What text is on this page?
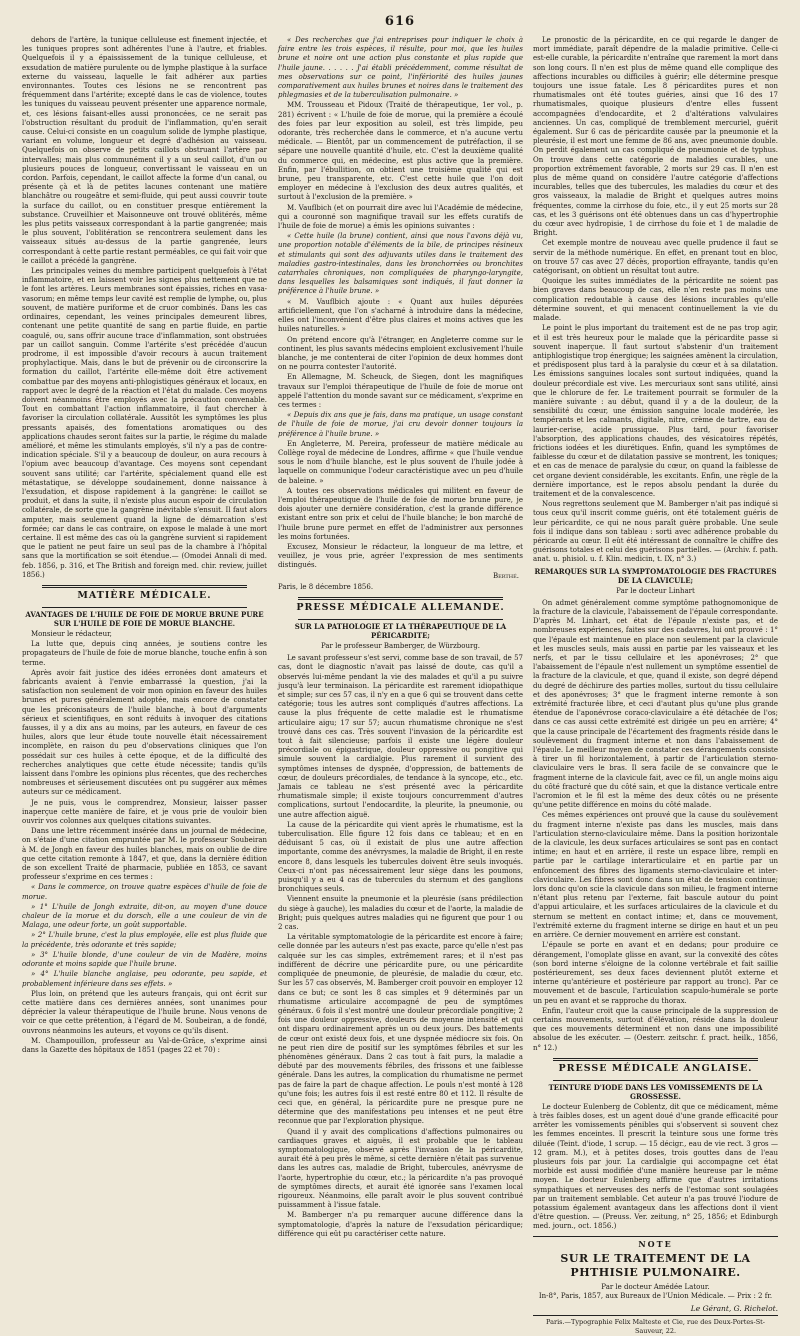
616

dehors de l'artère, la tunique celluleuse est finement injectée, et les tuniques propres sont adhérentes l'une à l'autre, et friables. Quelquefois il y a épaississement de la tunique celluleuse, et exsudation de matière purulente ou de lymphe plastique à la surface externe du vaisseau, laquelle le fait adhérer aux parties environnantes. Toutes ces lésions ne se rencontrent pas fréquemment dans l'artérite; excepté dans le cas de violence, toutes les tuniques du vaisseau peuvent présenter une apparence normale, et, ces lésions faisant-elles aussi prononcées, ce ne serait pas l'obstruction résultant du produit de l'inflammation, qu'en serait cause. Celui-ci consiste en un coagulum solide de lymphe plastique, variant en volume, longueur et degré d'adhésion au vaisseau. Quelquefois on observe de petits caillots obstruant l'artère par intervalles; mais plus communément il y a un seul caillot, d'un ou plusieurs pouces de longueur, convertissant le vaisseau en un cordon. Parfois, cependant, le caillot affecte la forme d'un canal, ou présente çà et là de petites lacunes contenant une matière blanchâtre ou rougeâtre et semi-fluide, qui peut aussi couvrir toute la surface du caillot, ou en constituer presque entièrement la substance. Cruveilhier et Maisonneuve ont trouvé oblitérés, même les plus petits vaisseaux correspondant à la partie gangrenée; mais le plus souvent, l'oblitération se rencontrera seulement dans les vaisseaux situés au-dessus de la partie gangrenée, leurs correspondant à cette partie restant perméables, ce qui fait voir que le caillot a précédé la gangrène.

Les principales veines du membre participent quelquefois à l'état inflammatoire, et en laissent voir les signes plus nettement que ne le font les artères. Leurs membranes sont épaissies, riches en vasa-vasorum; en même temps leur cavité est remplie de lymphe, ou, plus souvent, de matière puriforme et de cruor combinés. Dans les cas ordinaires, cependant, les veines principales demeurent libres, contenant une petite quantité de sang en partie fluide, en partie coagulé, ou, sans offrir aucune trace d'inflammation, sont obstruées par un caillot sanguin. Comme l'artérite s'est précédée d'aucun prodrome, il est impossible d'avoir recours à aucun traitement prophylactique. Mais, dans le but de prévenir ou de circonscrire la formation du caillot, l'artérite elle-même doit être activement combattue par des moyens anti-phlogistiques généraux et locaux, en rapport avec le degré de la réaction et l'état du malade. Ces moyens doivent néanmoins être employés avec la précaution convenable. Tout en combattant l'action inflammatoire, il faut chercher à favoriser la circulation collatérale. Aussitôt les symptômes les plus pressants apaisés, des fomentations aromatiques ou des applications chaudes seront faites sur la partie, le régime du malade amélioré, et même les stimulants employés, s'il n'y a pas de contre-indication spéciale. S'il y a beaucoup de douleur, on aura recours à l'opium avec beaucoup d'avantage. Ces moyens sont cependant souvent sans utilité; car l'artérite, spécialement quand elle est métastatique, se développe soudainement, donne naissance à l'exsudation, et dispose rapidement à la gangrène: le caillot se produit, et dans la suite, il n'existe plus aucun espoir de circulation collatérale, de sorte que la gangrène inévitable s'ensuit. Il faut alors amputer, mais seulement quand la ligne de démarcation s'est formée; car dans le cas contraire, on expose le malade à une mort certaine. Il est même des cas où la gangrène survient si rapidement que le patient ne peut faire un seul pas de la chambre à l'hôpital sans que la mortification se soit étendue.— (Omodei Annali di med. feb. 1856, p. 316, et The British and foreign med. chir. review, juillet 1856.)

MATIÈRE MÉDICALE.
AVANTAGES DE L'HUILE DE FOIE DE MORUE BRUNE PURE SUR L'HUILE DE FOIE DE MORUE BLANCHE.

Monsieur le rédacteur,

La lutte que, depuis cinq années, je soutiens contre les propagateurs de l'huile de foie de morue blanche, touche enfin à son terme.

Après avoir fait justice des idées erronées dont amateurs et fabricants avaient à l'envie embarrassé la question, j'ai la satisfaction non seulement de voir mon opinion en faveur des huiles brunes et pures généralement adoptée, mais encore de constater que les préconisateurs de l'huile blanche, à bout d'arguments sérieux et scientifiques, en sont réduits à invoquer des citations fausses, il y a dix ans au moins, par les auteurs, en faveur de ces huiles, alors que leur étude toute nouvelle était nécessairement incomplète, en raison du peu d'observations cliniques que l'on possédait sur ces huiles à cette époque, et de la difficulté des recherches analytiques que cette étude nécessite; tandis qu'ils laissent dans l'ombre les opinions plus récentes, que des recherches nombreuses et sérieusement discutées ont pu suggérer aux mêmes auteurs sur ce médicament.

Je ne puis, vous le comprendrez, Monsieur, laisser passer inaperçue cette manière de faire, et je vous prie de vouloir bien ouvrir vos colonnes aux quelques citations suivantes.

Dans une lettre récemment insérée dans un journal de médecine, on s'étaie d'une citation empruntée par M. le professeur Soubeiran à M. de Jongh en faveur des huiles blanches, mais on oublie de dire que cette citation remonte à 1847, et que, dans la dernière édition de son excellent Traité de pharmacie, publiée en 1853, ce savant professeur s'exprime en ces termes :

« Dans le commerce, on trouve quatre espèces d'huile de foie de morue.

» 1° L'huile de Jongh extraite, dit-on, au moyen d'une douce chaleur de la morue et du dorsch, elle a une couleur de vin de Malaga, une odeur forte, un goût supportable.

» 2° L'huile brune, c'est la plus employée, elle est plus fluide que la précédente, très odorante et très sapide;

» 3° L'huile blonde, d'une couleur de vin de Madère, moins odorante et moins sapide que l'huile brune.

» 4° L'huile blanche anglaise, peu odorante, peu sapide, et probablement inférieure dans ses effets. »

Plus loin, on prétend que les auteurs français, qui ont écrit sur cette matière dans ces dernières années, sont unanimes pour déprécier la valeur thérapeutique de l'huile brune. Nous venons de voir ce que cette prétention, à l'égard de M. Soubeiran, a de fondé, ouvrons néanmoins les auteurs, et voyons ce qu'ils disent.

M. Champouillon, professeur au Val-de-Grâce, s'exprime ainsi dans la Gazette des hôpitaux de 1851 (pages 22 et 70) :

« Des recherches que j'ai entreprises pour indiquer le choix à faire entre les trois espèces, il résulte, pour moi, que les huiles brune et noire ont une action plus constante et plus rapide que l'huile jaune. . . . . . J'ai établi précédemment, comme résultat de mes observations sur ce point, l'infériorité des huiles jaunes comparativement aux huiles brunes et noires dans le traitement des phlegmasies et de la tuberculisation pulmonaire. »

MM. Trousseau et Pidoux (Traité de thérapeutique, 1er vol., p. 281) écrivent : « L'huile de foie de morue, qui la première a écoulé des foies par leur exposition au soleil, est très limpide, peu odorante, très recherchée dans le commerce, et n'a aucune vertu médicale. — Bientôt, par un commencement de putréfaction, il se sépare une nouvelle quantité d'huile, etc. C'est la deuxième qualité du commerce qui, en médecine, est plus active que la première. Enfin, par l'ébullition, on obtient une troisième qualité qui est brune, peu transparente, etc. C'est cette huile que l'on doit employer en médecine à l'exclusion des deux autres qualités, et surtout à l'exclusion de la première. »

M. Vauflbich (et on pourrait dire avec lui l'Académie de médecine, qui a couronné son magnifique travail sur les effets curatifs de l'huile de foie de morue) a émis les opinions suivantes :

« Cette huile (la brune) contient, ainsi que nous l'avons déjà vu, une proportion notable d'éléments de la bile, de principes résineux et stimulants qui sont des adjuvants utiles dans le traitement des maladies gastro-intestinales, dans les bronchorrées ou bronchites catarrhales chroniques, non compliquées de pharyngo-laryngite, dans lesquelles les balsamiques sont indiqués, il faut donner la préférence à l'huile brune. »

« M. Vauflbich ajoute : « Quant aux huiles dépurées artificiellement, que l'on s'acharné à introduire dans la médecine, elles ont l'inconvénient d'être plus claires et moins actives que les huiles naturelles. »

On prétend encore qu'à l'étranger, en Angleterre comme sur le continent, les plus savants médecins emploient exclusivement l'huile blanche, je me contenterai de citer l'opinion de deux hommes dont on ne pourra contester l'autorité.

En Allemagne, M. Scheuck, de Siegen, dont les magnifiques travaux sur l'emploi thérapeutique de l'huile de foie de morue ont appelé l'attention du monde savant sur ce médicament, s'exprime en ces termes :

« Depuis dix ans que je fais, dans ma pratique, un usage constant de l'huile de foie de morue, j'ai cru devoir donner toujours la préférence à l'huile brune. »

En Angleterre, M. Pereira, professeur de matière médicale au Collège royal de médecine de Londres, affirme « que l'huile vendue sous le nom d'huile blanche, est le plus souvent de l'huile jodée à laquelle on communique l'odeur caractéristique avec un peu d'huile de baleine. »

A toutes ces observations médicales qui militent en faveur de l'emploi thérapeutique de l'huile de foie de morue brune pure, je dois ajouter une dernière considération, c'est la grande différence existant entre son prix et celui de l'huile blanche; le bon marché de l'huile brune pure permet en effet de l'administrer aux personnes les moins fortunées.

Excusez, Monsieur le rédacteur, la longueur de ma lettre, et veuillez, je vous prie, agréer l'expression de mes sentiments distingués.

Berthé.
Paris, le 8 décembre 1856.
PRESSE MÉDICALE ALLEMANDE.
SUR LA PATHOLOGIE ET LA THÉRAPEUTIQUE DE LA PÉRICARDITE;
Par le professeur Bamberger, de Würzbourg.

Le savant professeur s'est servi, comme base de son travail, de 57 cas, dont le diagnostic n'avait pas laissé de doute, cas qu'il a observés lui-même pendant la vie des malades et qu'il a pu suivre jusqu'à leur terminaison. La péricardite est rarement idiopathique et simple; sur ces 57 cas, il n'y en a que 6 qui se trouvent dans cette catégorie; tous les autres sont compliqués d'autres affections. La cause la plus fréquente de cette maladie est le rhumatisme articulaire aigu; 17 sur 57; aucun rhumatisme chronique ne s'est trouvé dans ces cas. Très souvent l'invasion de la péricardite est tout à fait silencieuse; parfois il existe une légère douleur précordiale ou épigastrique, douleur oppressive ou pongitive qui simule souvent la cardialgie. Plus rarement il survient des symptômes intenses de dyspnée, d'oppression, de battements de cœur, de douleurs précordiales, de tendance à la syncope, etc., etc. Jamais ce tableau ne s'est présenté avec la péricardite rhumatismale simple; il existe toujours concurremment d'autres complications, surtout l'endocardite, la pleurite, la pneumonie, ou une autre affection aiguë.

La cause de la péricardite qui vient après le rhumatisme, est la tuberculisation. Elle figure 12 fois dans ce tableau; et en en déduisant 5 cas, où il existait de plus une autre affection importante, comme des anévrysmes, la maladie de Bright, il en reste encore 8, dans lesquels les tubercules doivent être seuls invoqués. Ceux-ci n'ont pas nécessairement leur siège dans les poumons, puisqu'il y a eu 4 cas de tubercules du sternum et des ganglions bronchiques seuls.

Viennent ensuite la pneumonie et la pleurésie (sans prédilection du siège à gauche), les maladies du cœur et de l'aorte, la maladie de Bright; puis quelques autres maladies qui ne figurent que pour 1 ou 2 cas.

La véritable symptomatologie de la péricardite est encore à faire; celle donnée par les auteurs n'est pas exacte, parce qu'elle n'est pas calquée sur les cas simples, extrêmement rares; et il n'est pas indifférent de décrire une péricardite pure, ou une péricardite compliquée de pneumonie, de pleurésie, de maladie du cœur, etc. Sur les 57 cas observés, M. Bamberger croit pouvoir en employer 12 dans ce but; ce sont les 8 cas simples et 9 déterminés par un rhumatisme articulaire accompagné de peu de symptômes généraux. 6 fois il s'est montré une douleur précordiale pongitive; 2 fois une douleur oppressive, douleurs de moyenne intensité et qui ont disparu ordinairement après un ou deux jours. Des battements de cœur ont existé deux fois, et une dyspnée médiocre six fois. On ne peut rien dire de positif sur les symptômes fébriles et sur les phénomènes généraux. Dans 2 cas tout à fait purs, la maladie a débuté par des mouvements fébriles, des frissons et une faiblesse générale. Dans les autres, la complication du rhumatisme ne permet pas de faire la part de chaque affection. Le pouls n'est monté à 128 qu'une fois; les autres fois il est resté entre 80 et 112. Il résulte de ceci que, en général, la péricardite pure ne presque pure ne détermine que des manifestations peu intenses et ne peut être reconnue que par l'exploration physique.

Quand il y avait des complications d'affections pulmonaires ou cardiaques graves et aiguës, il est probable que le tableau symptomatologique, observé après l'invasion de la péricardite, aurait été à peu près le même, si cette dernière n'était pas survenue dans les autres cas, maladie de Bright, tubercules, anévrysme de l'aorte, hypertrophie du cœur, etc.; la péricardite n'a pas provoqué de symptômes directs, et aurait été ignorée sans l'examen local rigoureux. Néanmoins, elle paraît avoir le plus souvent contribué puissamment à l'issue fatale.

M. Bamberger n'a pu remarquer aucune différence dans la symptomatologie, d'après la nature de l'exsudation péricardique; différence qui eût pu caractériser cette nature.

Le pronostic de la péricardite, en ce qui regarde le danger de mort immédiate, paraît dépendre de la maladie primitive. Celle-ci est-elle curable, la péricardite n'entraîne que rarement la mort dans son long cours. Il n'en est plus de même quand elle complique des affections incurables ou difficiles à guérir; elle détermine presque toujours une issue fatale. Les 8 péricardites pures et non rhumatismales ont été toutes guéries, ainsi que 16 des 17 rhumatismales, quoique plusieurs d'entre elles fussent accompagnées d'endocardite, et 2 d'altérations valvulaires anciennes. Un cas, compliqué de tremblement mercuriel, guérit également. Sur 6 cas de péricardite causée par la pneumonie et la pleurésie, il est mort une femme de 86 ans, avec pneumonie double. On perdit également un cas compliqué de pneumonie et de typhus. On trouve dans cette catégorie de maladies curables, une proportion extrêmement favorable, 2 morts sur 29 cas. Il n'en est plus de même quand on considère l'autre catégorie d'affections incurables, telles que des tubercules, les maladies du cœur et des gros vaisseaux, la maladie de Bright et quelques autres moins fréquentes, comme la cirrhose du foie, etc., il y eut 25 morts sur 28 cas, et les 3 guérisons ont été obtenues dans un cas d'hypertrophie du cœur avec hydropisie, 1 de cirrhose du foie et 1 de maladie de Bright.

Cet exemple montre de nouveau avec quelle prudence il faut se servir de la méthode numérique. En effet, en prenant tout en bloc, on trouve 57 cas avec 27 décès, proportion effrayante, tandis qu'en catégorisant, on obtient un résultat tout autre.

Quoique les suites immédiates de la péricardite ne soient pas bien graves dans beaucoup de cas, elle n'en reste pas moins une complication redoutable à cause des lésions incurables qu'elle détermine souvent, et qui menacent continuellement la vie du malade.

Le point le plus important du traitement est de ne pas trop agir, et il est très heureux pour le malade que la péricardite passe si souvent inaperçue. Il faut surtout s'abstenir d'un traitement antiphlogistique trop énergique; les saignées amènent la circulation, et prédisposent plus tard à la paralysie du cœur et à sa dilatation. Les émissions sanguines locales sont surtout indiquées, quand la douleur précordiale est vive. Les mercuriaux sont sans utilité, ainsi que le chlorure de fer. Le traitement pourrait se formuler de la manière suivante : au début, quand il y a de la douleur, de la sensibilité du cœur, une émission sanguine locale modérée, les tempérants et les calmants, digitale, nitre, crème de tartre, eau de laurier-cerise, acide prussique. Plus tard, pour favoriser l'absorption, des applications chaudes, des vésicatoires répétés, frictions iodées et les diurétiques. Enfin, quand les symptômes de faiblesse du cœur et de dilatation passive se montrent, les toniques; et en cas de menace de paralysie du cœur, on quand la faiblesse de cet organe devient considérable, les excitants. Enfin, une règle de la dernière importance, est le repos absolu pendant la durée du traitement et de la convalescence.

Nous regrettons seulement que M. Bamberger n'ait pas indiqué si tous ceux qu'il inscrit comme guéris, ont été totalement guéris de leur péricardite, ce qui ne nous paraît guère probable. Une seule fois il indique dans son tableau : sorti avec adhérence probable du péricarde au cœur. Il eût été intéressant de connaître le chiffre des guérisons totales et celui des guérisons partielles. — (Archiv. f. path. anat. u. phisiol. u. f. Klin. medicin, t. IX, n° 3.)

REMARQUES SUR LA SYMPTOMATOLOGIE DES FRACTURES DE LA CLAVICULE;
Par le docteur Linhart

On admet généralement comme symptôme pathognomonique de la fracture de la clavicule, l'abaissement de l'épaule correspondante. D'après M. Linhart, cet état de l'épaule n'existe pas, et de nombreuses expériences, faites sur des cadavres, lui ont prouvé : 1° que l'épaule est maintenue en place non seulement par la clavicule et les muscles seuls, mais aussi en partie par les vaisseaux et les nerfs, et par le tissu cellulaire et les aponévroses; 2° que l'abaissement de l'épaule n'est nullement un symptôme essentiel de la fracture de la clavicule, et que, quand il existe, son degré dépend du degré de déchirure des parties molles, surtout du tissu cellulaire et des aponévroses; 3° que le fragment interne remonte à son extrémité fracturée libre, et ceci d'autant plus qu'une plus grande étendue de l'aponévrose coraco-claviculaire a été détachée de l'os; dans ce cas aussi cette extrémité est dirigée un peu en arrière; 4° que la cause principale de l'écartement des fragments réside dans le soulèvement du fragment interne et non dans l'abaissement de l'épaule. Le meilleur moyen de constater ces dérangements consiste à tirer un fil horizontalement, à partir de l'articulation sterno-claviculaire vers le bras. Il sera facile de se convaincre que le fragment interne de la clavicule fait, avec ce fil, un angle moins aigu du côté fracturé que du côté sain, et que la distance verticale entre l'acromion et le fil est la même des deux côtés ou ne présente qu'une petite différence en moins du côté malade.

Ces mêmes expériences ont prouvé que la cause du soulèvement du fragment interne n'existe pas dans les muscles, mais dans l'articulation sterno-claviculaire même. Dans la position horizontale de la clavicule, les deux surfaces articulaires se sont pas en contact intime; en haut et en arrière, il reste un espace libre, rempli en partie par le cartilage interarticulaire et en partie par un enfoncement des fibres des ligaments sterno-claviculaire et inter-claviculaire. Les fibres sont donc dans un état de tension continue; lors donc qu'on scie la clavicule dans son milieu, le fragment interne n'étant plus retenu par l'externe, fait bascule autour du point d'appui articulaire, et les surfaces articulaires de la clavicule et du sternum se mettent en contact intime; et, dans ce mouvement, l'extrémité externe du fragment interne se dirige en haut et un peu en arrière. Ce dernier mouvement en arrière est constant.

L'épaule se porte en avant et en dedans; pour produire ce dérangement, l'omoplate glisse en avant, sur la convexité des côtes (son bord interne s'éloigne de la colonne vertébrale et fait saillie postérieurement, ses deux faces deviennent plutôt externe et interne qu'antérieure et postérieure par rapport au tronc). Par ce mouvement et de bascule, l'articulation scapulo-humérale se porte un peu en avant et se rapproche du thorax.

Enfin, l'auteur croit que la cause principale de la suppression de certains mouvements, surtout d'élévation, réside dans la douleur que ces mouvements déterminent et non dans une impossibilité absolue de les exécuter. — (Oesterr. zeitschr. f. pract. heilk., 1856, n° 12.)

PRESSE MÉDICALE ANGLAISE.
TEINTURE D'IODE DANS LES VOMISSEMENTS DE LA GROSSESSE.

Le docteur Eulenberg de Coblentz, dit que ce médicament, même à très faibles doses, est un agent doué d'une grande efficacité pour arrêter les vomissements pénibles qui s'observent si souvent chez les femmes enceintes. Il prescrit la teinture sous une forme très diluée (Teint. d'iode, 1 scrup. — 15 décigr., eau de vie rect. 3 gros — 12 gram. M.), et à petites doses, trois gouttes dans de l'eau plusieurs fois par jour. La cardialgie qui accompagne cet état morbide est aussi modifiée d'une manière heureuse par le même moyen. Le docteur Eulenberg affirme que d'autres irritations sympathiques et nerveuses des nerfs de l'estomac sont soulagées par un traitement semblable. Cet auteur n'a pas trouvé l'iodure de potassium également avantageux dans les affections dont il vient d'être question. — (Preuss. Ver. zeitung, n° 25, 1856; et Edinburgh med. journ., oct. 1856.)

NOTE
SUR LE TRAITEMENT DE LA PHTHISIE PULMONAIRE.
Par le docteur Amédée Latour.
In-8°, Paris, 1857, aux Bureaux de l'Union Médicale. — Prix : 2 fr.
Le Gérant, G. Richelot.
Paris.—Typographie Felix Malteste et Cie, rue des Deux-Portes-St-Sauveur, 22.
